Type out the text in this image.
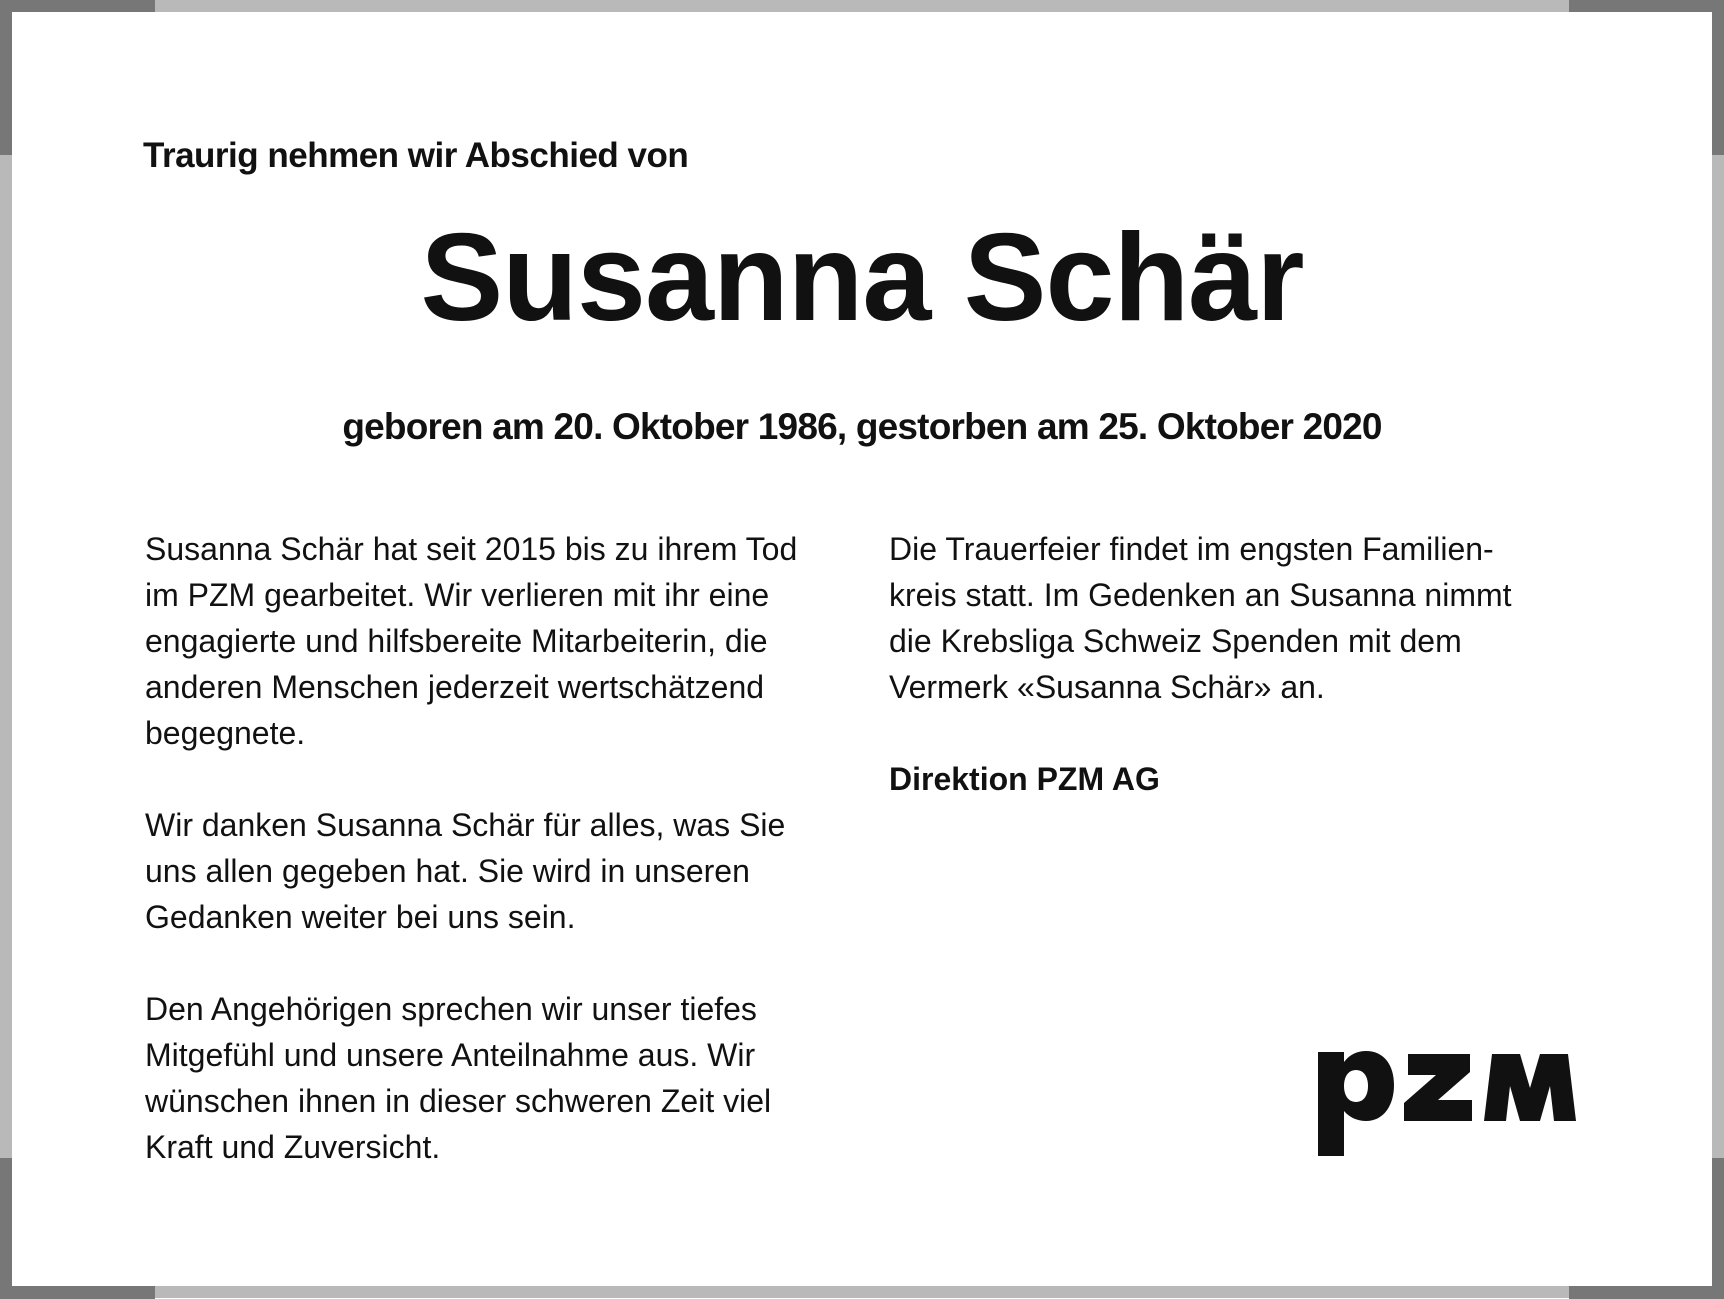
Traurig nehmen wir Abschied von

Susanna Schär

geboren am 20. Oktober 1986, gestorben am 25. Oktober 2020

Susanna Schär hat seit 2015 bis zu ihrem Tod
im PZM gearbeitet. Wir verlieren mit ihr eine
engagierte und hilfsbereite Mitarbeiterin, die
anderen Menschen jederzeit wertschätzend
begegnete.

Wir danken Susanna Schär für alles, was Sie
uns allen gegeben hat. Sie wird in unseren
Gedanken weiter bei uns sein.

Den Angehörigen sprechen wir unser tiefes
Mitgefühl und unsere Anteilnahme aus. Wir
wünschen ihnen in dieser schweren Zeit viel
Kraft und Zuversicht.

Die Trauerfeier findet im engsten Familien-
kreis statt. Im Gedenken an Susanna nimmt
die Krebsliga Schweiz Spenden mit dem
Vermerk «Susanna Schär» an.

Direktion PZM AG
